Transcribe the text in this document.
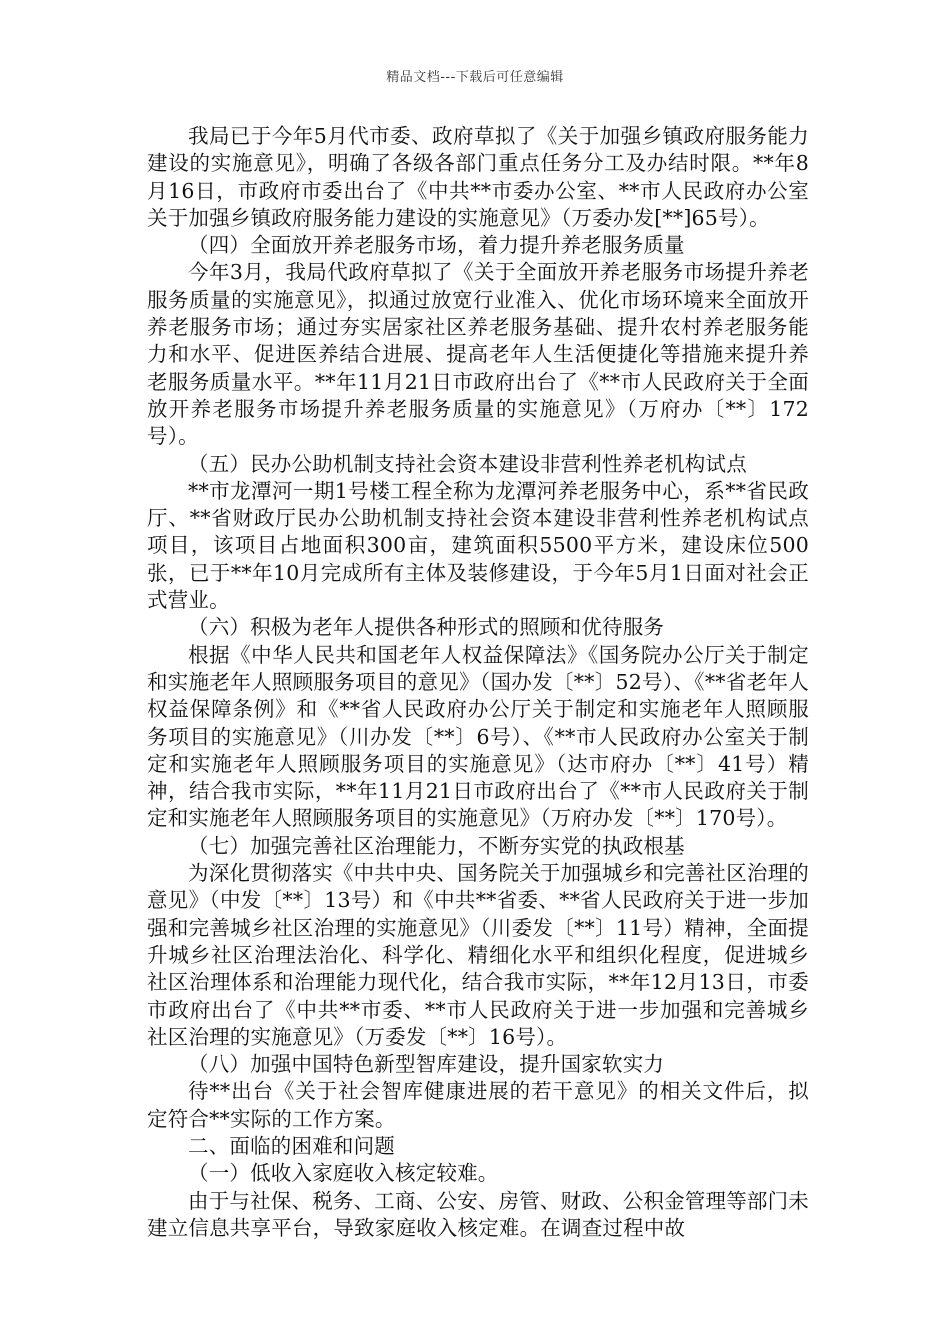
精品文档---下载后可任意编辑

我局已于今年5月代市委、政府草拟了《关于加强乡镇政府服务能力建设的实施意见》，明确了各级各部门重点任务分工及办结时限。**年8月16日，市政府市委出台了《中共**市委办公室、**市人民政府办公室关于加强乡镇政府服务能力建设的实施意见》（万委办发[**]65号）。

（四）全面放开养老服务市场，着力提升养老服务质量

今年3月，我局代政府草拟了《关于全面放开养老服务市场提升养老服务质量的实施意见》，拟通过放宽行业准入、优化市场环境来全面放开养老服务市场；通过夯实居家社区养老服务基础、提升农村养老服务能力和水平、促进医养结合进展、提高老年人生活便捷化等措施来提升养老服务质量水平。**年11月21日市政府出台了《**市人民政府关于全面放开养老服务市场提升养老服务质量的实施意见》（万府办〔**〕172号）。

（五）民办公助机制支持社会资本建设非营利性养老机构试点

**市龙潭河一期1号楼工程全称为龙潭河养老服务中心，系**省民政厅、**省财政厅民办公助机制支持社会资本建设非营利性养老机构试点项目，该项目占地面积300亩，建筑面积5500平方米，建设床位500张，已于**年10月完成所有主体及装修建设，于今年5月1日面对社会正式营业。

（六）积极为老年人提供各种形式的照顾和优待服务

根据《中华人民共和国老年人权益保障法》《国务院办公厅关于制定和实施老年人照顾服务项目的意见》（国办发〔**〕52号）、《**省老年人权益保障条例》和《**省人民政府办公厅关于制定和实施老年人照顾服务项目的实施意见》（川办发〔**〕6号）、《**市人民政府办公室关于制定和实施老年人照顾服务项目的实施意见》（达市府办〔**〕41号）精神，结合我市实际，**年11月21日市政府出台了《**市人民政府关于制定和实施老年人照顾服务项目的实施意见》（万府办发〔**〕170号）。

（七）加强完善社区治理能力，不断夯实党的执政根基

为深化贯彻落实《中共中央、国务院关于加强城乡和完善社区治理的意见》（中发〔**〕13号）和《中共**省委、**省人民政府关于进一步加强和完善城乡社区治理的实施意见》（川委发〔**〕11号）精神，全面提升城乡社区治理法治化、科学化、精细化水平和组织化程度，促进城乡社区治理体系和治理能力现代化，结合我市实际，**年12月13日，市委市政府出台了《中共**市委、**市人民政府关于进一步加强和完善城乡社区治理的实施意见》（万委发〔**〕16号）。

（八）加强中国特色新型智库建设，提升国家软实力

待**出台《关于社会智库健康进展的若干意见》的相关文件后，拟定符合**实际的工作方案。

二、面临的困难和问题

（一）低收入家庭收入核定较难。

由于与社保、税务、工商、公安、房管、财政、公积金管理等部门未建立信息共享平台，导致家庭收入核定难。在调查过程中故
